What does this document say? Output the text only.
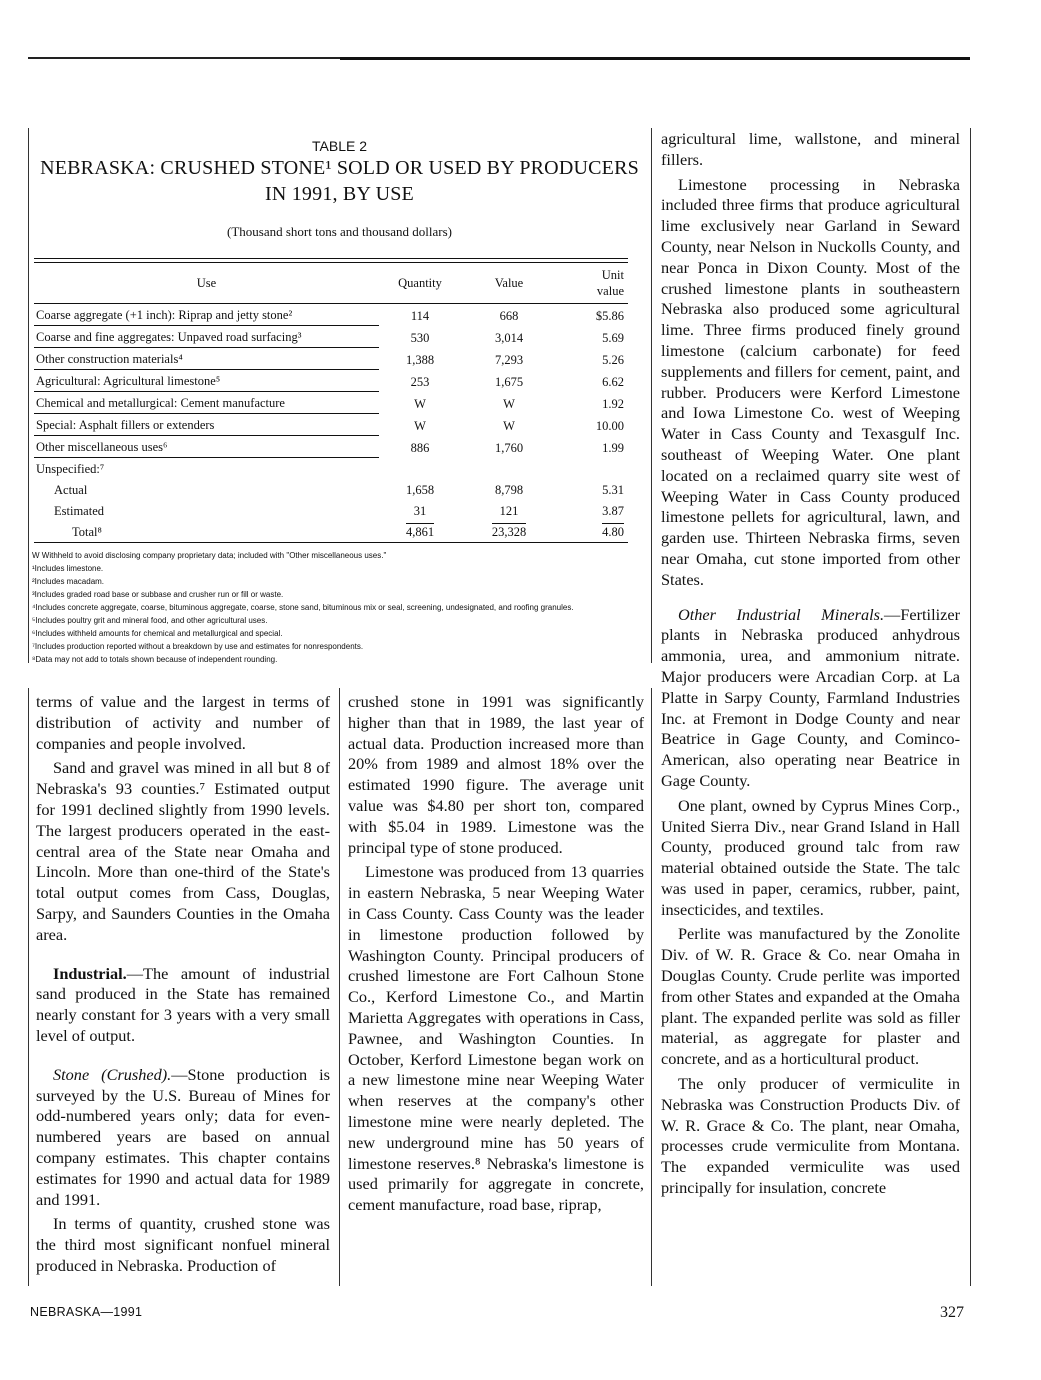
TABLE 2
NEBRASKA: CRUSHED STONE¹ SOLD OR USED BY PRODUCERS
IN 1991, BY USE
(Thousand short tons and thousand dollars)

Use	Quantity	Value	Unit
value
Coarse aggregate (+1 inch): Riprap and jetty stone²	114	668	$5.86
Coarse and fine aggregates: Unpaved road surfacing³	530	3,014	5.69
Other construction materials⁴	1,388	7,293	5.26
Agricultural: Agricultural limestone⁵	253	1,675	6.62
Chemical and metallurgical: Cement manufacture	W	W	1.92
Special: Asphalt fillers or extenders	W	W	10.00
Other miscellaneous uses⁶	886	1,760	1.99
Unspecified:⁷			
Actual	1,658	8,798	5.31
Estimated	31	121	3.87
Total⁸	4,861	23,328	4.80
W Withheld to avoid disclosing company proprietary data; included with "Other miscellaneous uses."
¹Includes limestone.
²Includes macadam.
³Includes graded road base or subbase and crusher run or fill or waste.
⁴Includes concrete aggregate, coarse, bituminous aggregate, coarse, stone sand, bituminous mix or seal, screening, undesignated, and roofing granules.
⁵Includes poultry grit and mineral food, and other agricultural uses.
⁶Includes withheld amounts for chemical and metallurgical and special.
⁷Includes production reported without a breakdown by use and estimates for nonrespondents.
⁸Data may not add to totals shown because of independent rounding.

terms of value and the largest in terms of distribution of activity and number of companies and people involved.

Sand and gravel was mined in all but 8 of Nebraska's 93 counties.⁷ Estimated output for 1991 declined slightly from 1990 levels. The largest producers operated in the east-central area of the State near Omaha and Lincoln. More than one-third of the State's total output comes from Cass, Douglas, Sarpy, and Saunders Counties in the Omaha area.

Industrial.—The amount of industrial sand produced in the State has remained nearly constant for 3 years with a very small level of output.

Stone (Crushed).—Stone production is surveyed by the U.S. Bureau of Mines for odd-numbered years only; data for even-numbered years are based on annual company estimates. This chapter contains estimates for 1990 and actual data for 1989 and 1991.

In terms of quantity, crushed stone was the third most significant nonfuel mineral produced in Nebraska. Production of

crushed stone in 1991 was significantly higher than that in 1989, the last year of actual data. Production increased more than 20% from 1989 and almost 18% over the estimated 1990 figure. The average unit value was $4.80 per short ton, compared with $5.04 in 1989. Limestone was the principal type of stone produced.

Limestone was produced from 13 quarries in eastern Nebraska, 5 near Weeping Water in Cass County. Cass County was the leader in limestone production followed by Washington County. Principal producers of crushed limestone are Fort Calhoun Stone Co., Kerford Limestone Co., and Martin Marietta Aggregates with operations in Cass, Pawnee, and Washington Counties. In October, Kerford Limestone began work on a new limestone mine near Weeping Water when reserves at the company's other limestone mine were nearly depleted. The new underground mine has 50 years of limestone reserves.⁸ Nebraska's limestone is used primarily for aggregate in concrete, cement manufacture, road base, riprap,

agricultural lime, wallstone, and mineral fillers.

Limestone processing in Nebraska included three firms that produce agricultural lime exclusively near Garland in Seward County, near Nelson in Nuckolls County, and near Ponca in Dixon County. Most of the crushed limestone plants in southeastern Nebraska also produced some agricultural lime. Three firms produced finely ground limestone (calcium carbonate) for feed supplements and fillers for cement, paint, and rubber. Producers were Kerford Limestone and Iowa Limestone Co. west of Weeping Water in Cass County and Texasgulf Inc. southeast of Weeping Water. One plant located on a reclaimed quarry site west of Weeping Water in Cass County produced limestone pellets for agricultural, lawn, and garden use. Thirteen Nebraska firms, seven near Omaha, cut stone imported from other States.

Other Industrial Minerals.—Fertilizer plants in Nebraska produced anhydrous ammonia, urea, and ammonium nitrate. Major producers were Arcadian Corp. at La Platte in Sarpy County, Farmland Industries Inc. at Fremont in Dodge County and near Beatrice in Gage County, and Cominco-American, also operating near Beatrice in Gage County.

One plant, owned by Cyprus Mines Corp., United Sierra Div., near Grand Island in Hall County, produced ground talc from raw material obtained outside the State. The talc was used in paper, ceramics, rubber, paint, insecticides, and textiles.

Perlite was manufactured by the Zonolite Div. of W. R. Grace & Co. near Omaha in Douglas County. Crude perlite was imported from other States and expanded at the Omaha plant. The expanded perlite was sold as filler material, as aggregate for plaster and concrete, and as a horticultural product.

The only producer of vermiculite in Nebraska was Construction Products Div. of W. R. Grace & Co. The plant, near Omaha, processes crude vermiculite from Montana. The expanded vermiculite was used principally for insulation, concrete

NEBRASKA—1991	327
